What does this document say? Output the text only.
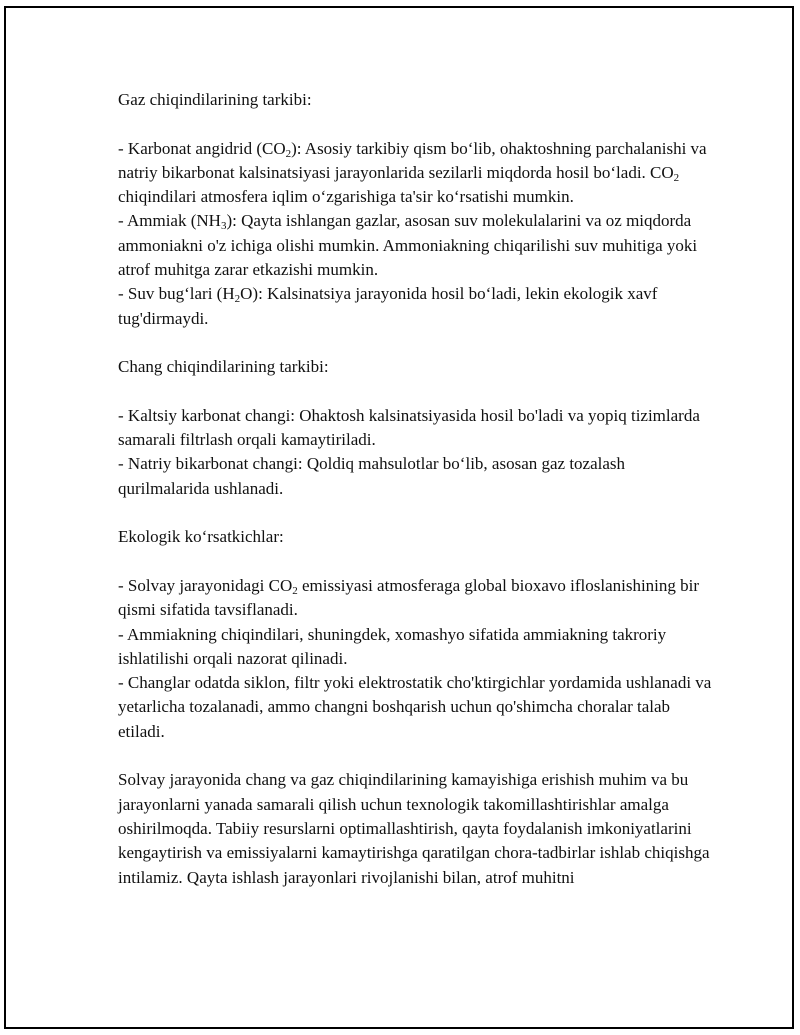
Gaz chiqindilarining tarkibi:

- Karbonat angidrid $(CO_2)$: Asosiy tarkibiy qism bo‘lib, ohaktoshning parchalanishi va natriy bikarbonat kalsinatsiyasi jarayonlarida sezilarli miqdorda hosil bo‘ladi. $CO_2$ chiqindilari atmosfera iqlim o‘zgarishiga ta'sir ko‘rsatishi mumkin.

- Ammiak $(NH_3)$: Qayta ishlangan gazlar, asosan suv molekulalarini va oz miqdorda ammoniakni o'z ichiga olishi mumkin. Ammoniakning chiqarilishi suv muhitiga yoki atrof muhitga zarar etkazishi mumkin.

- Suv bug‘lari $(H_2O)$: Kalsinatsiya jarayonida hosil bo‘ladi, lekin ekologik xavf tug'dirmaydi.

Chang chiqindilarining tarkibi:

- Kaltsiy karbonat changi: Ohaktosh kalsinatsiyasida hosil bo'ladi va yopiq tizimlarda samarali filtrlash orqali kamaytiriladi.

- Natriy bikarbonat changi: Qoldiq mahsulotlar bo‘lib, asosan gaz tozalash qurilmalarida ushlanadi.

Ekologik ko‘rsatkichlar:

- Solvay jarayonidagi $CO_2$ emissiyasi atmosferaga global bioxavo ifloslanishining bir qismi sifatida tavsiflanadi.

- Ammiakning chiqindilari, shuningdek, xomashyo sifatida ammiakning takroriy ishlatilishi orqali nazorat qilinadi.

- Changlar odatda siklon, filtr yoki elektrostatik cho'ktirgichlar yordamida ushlanadi va yetarlicha tozalanadi, ammo changni boshqarish uchun qo'shimcha choralar talab etiladi.

Solvay jarayonida chang va gaz chiqindilarining kamayishiga erishish muhim va bu jarayonlarni yanada samarali qilish uchun texnologik takomillashtirishlar amalga oshirilmoqda. Tabiiy resurslarni optimallashtirish, qayta foydalanish imkoniyatlarini kengaytirish va emissiyalarni kamaytirishga qaratilgan chora-tadbirlar ishlab chiqishga intilamiz. Qayta ishlash jarayonlari rivojlanishi bilan, atrof muhitni
